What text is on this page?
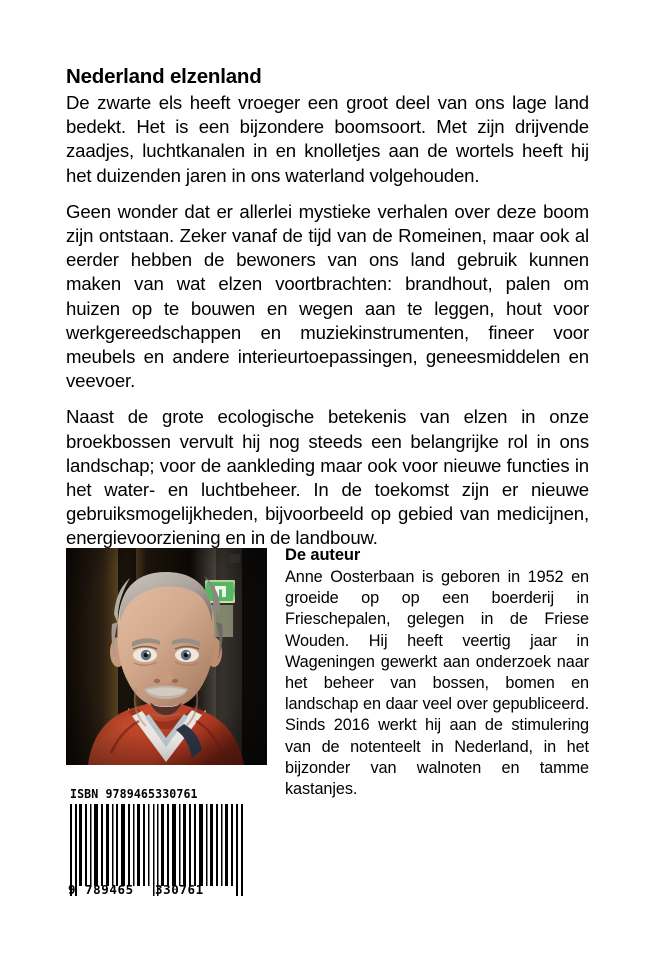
Nederland elzenland

De zwarte els heeft vroeger een groot deel van ons lage land bedekt. Het is een bijzondere boomsoort. Met zijn drijvende zaadjes, luchtkanalen in en knolletjes aan de wortels heeft hij het duizenden jaren in ons waterland volgehouden.

Geen wonder dat er allerlei mystieke verhalen over deze boom zijn ontstaan. Zeker vanaf de tijd van de Romeinen, maar ook al eerder hebben de bewoners van ons land gebruik kunnen maken van wat elzen voortbrachten: brandhout, palen om huizen op te bouwen en wegen aan te leggen, hout voor werkgereedschappen en muziekinstrumenten, fineer voor meubels en andere interieurtoepassingen, geneesmiddelen en veevoer.

Naast de grote ecologische betekenis van elzen in onze broekbossen vervult hij nog steeds een belangrijke rol in ons landschap; voor de aankleding maar ook voor nieuwe functies in het water- en luchtbeheer. In de toekomst zijn er nieuwe gebruiksmogelijkheden, bijvoorbeeld op gebied van medicijnen, energievoorziening en in de landbouw.

De auteur

Anne Oosterbaan is geboren in 1952 en groeide op op een boerderij in Frieschepalen, gelegen in de Friese Wouden. Hij heeft veertig jaar in Wageningen gewerkt aan onderzoek naar het beheer van bossen, bomen en landschap en daar veel over gepubliceerd. Sinds 2016 werkt hij aan de stimulering van de notenteelt in Nederland, in het bijzonder van walnoten en tamme kastanjes.

ISBN 9789465330761
9 789465 330761
